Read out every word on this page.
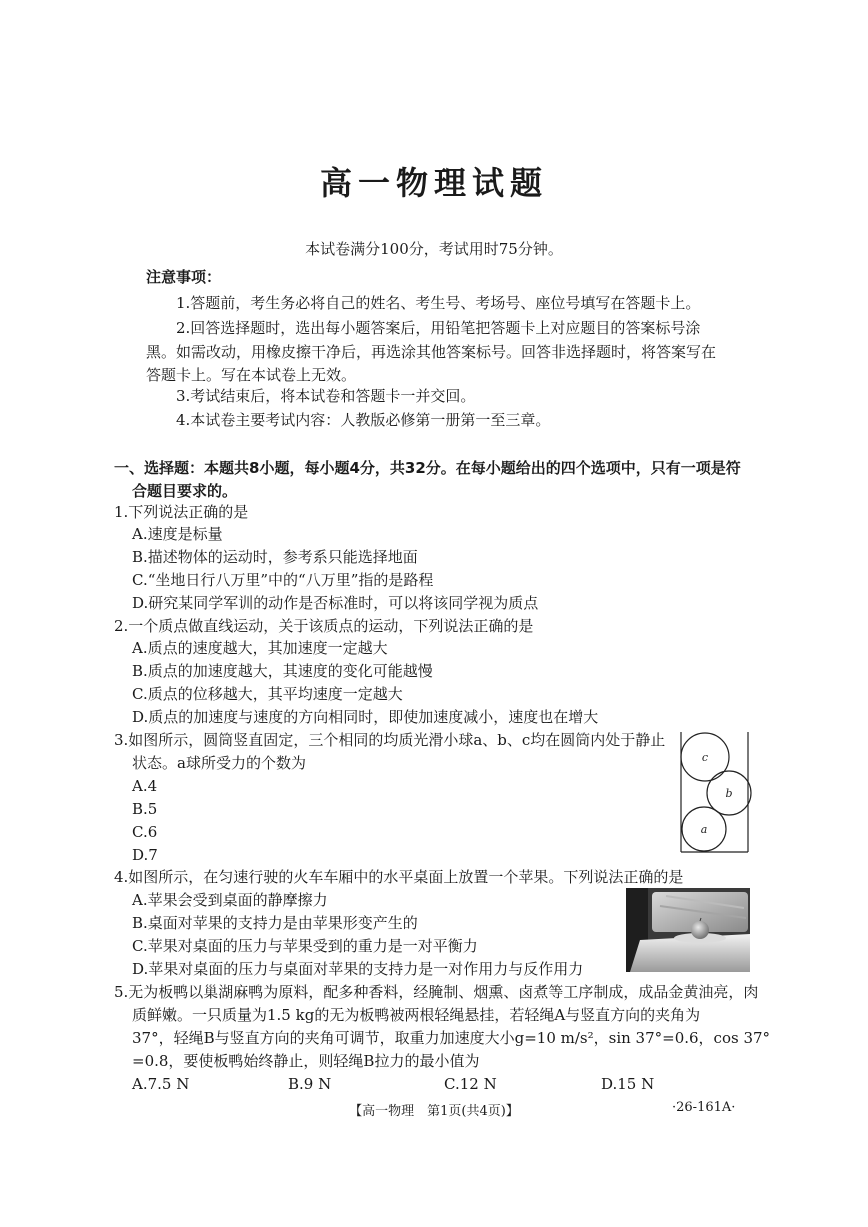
高一物理试题
本试卷满分100分，考试用时75分钟。
注意事项：
1.答题前，考生务必将自己的姓名、考生号、考场号、座位号填写在答题卡上。
2.回答选择题时，选出每小题答案后，用铅笔把答题卡上对应题目的答案标号涂
黑。如需改动，用橡皮擦干净后，再选涂其他答案标号。回答非选择题时，将答案写在
答题卡上。写在本试卷上无效。
3.考试结束后，将本试卷和答题卡一并交回。
4.本试卷主要考试内容：人教版必修第一册第一至三章。
一、选择题：本题共8小题，每小题4分，共32分。在每小题给出的四个选项中，只有一项是符
合题目要求的。
1.下列说法正确的是
A.速度是标量
B.描述物体的运动时，参考系只能选择地面
C.“坐地日行八万里”中的“八万里”指的是路程
D.研究某同学军训的动作是否标准时，可以将该同学视为质点
2.一个质点做直线运动，关于该质点的运动，下列说法正确的是
A.质点的速度越大，其加速度一定越大
B.质点的加速度越大，其速度的变化可能越慢
C.质点的位移越大，其平均速度一定越大
D.质点的加速度与速度的方向相同时，即使加速度减小，速度也在增大
3.如图所示，圆筒竖直固定，三个相同的均质光滑小球a、b、c均在圆筒内处于静止
状态。a球所受力的个数为
A.4
B.5
C.6
D.7
c
b
a
4.如图所示，在匀速行驶的火车车厢中的水平桌面上放置一个苹果。下列说法正确的是
A.苹果会受到桌面的静摩擦力
B.桌面对苹果的支持力是由苹果形变产生的
C.苹果对桌面的压力与苹果受到的重力是一对平衡力
D.苹果对桌面的压力与桌面对苹果的支持力是一对作用力与反作用力
5.无为板鸭以巢湖麻鸭为原料，配多种香料，经腌制、烟熏、卤煮等工序制成，成品金黄油亮，肉
质鲜嫩。一只质量为1.5 kg的无为板鸭被两根轻绳悬挂，若轻绳A与竖直方向的夹角为
37°，轻绳B与竖直方向的夹角可调节，取重力加速度大小g=10 m/s²，sin 37°=0.6，cos 37°
=0.8，要使板鸭始终静止，则轻绳B拉力的最小值为
A.7.5 N	B.9 N	C.12 N	D.15 N
【高一物理　第1页(共4页)】	·26-161A·
